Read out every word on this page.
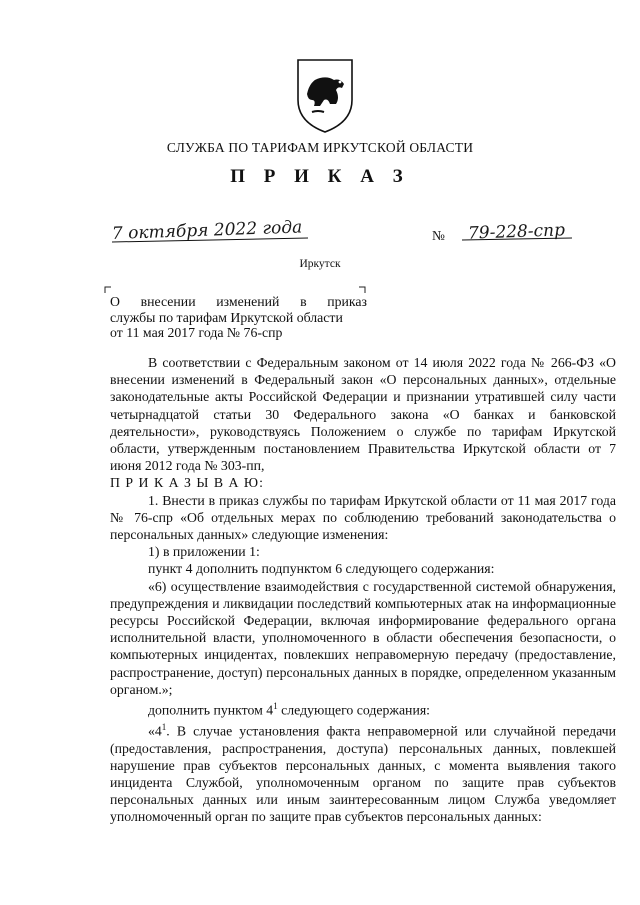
СЛУЖБА ПО ТАРИФАМ ИРКУТСКОЙ ОБЛАСТИ
П Р И К А З
7 октября 2022 года	№ 79-228-спр
Иркутск
О внесении изменений в приказ
службы по тарифам Иркутской области
от 11 мая 2017 года № 76-спр

В соответствии с Федеральным законом от 14 июля 2022 года № 266-ФЗ «О внесении изменений в Федеральный закон «О персональных данных», отдельные законодательные акты Российской Федерации и признании утратившей силу части четырнадцатой статьи 30 Федерального закона «О банках и банковской деятельности», руководствуясь Положением о службе по тарифам Иркутской области, утвержденным постановлением Правительства Иркутской области от 7 июня 2012 года № 303-пп,

П Р И К А З Ы В А Ю:

1. Внести в приказ службы по тарифам Иркутской области от 11 мая 2017 года № 76-спр «Об отдельных мерах по соблюдению требований законодательства о персональных данных» следующие изменения:

1) в приложении 1:

пункт 4 дополнить подпунктом 6 следующего содержания:

«6) осуществление взаимодействия с государственной системой обнаружения, предупреждения и ликвидации последствий компьютерных атак на информационные ресурсы Российской Федерации, включая информирование федерального органа исполнительной власти, уполномоченного в области обеспечения безопасности, о компьютерных инцидентах, повлекших неправомерную передачу (предоставление, распространение, доступ) персональных данных в порядке, определенном указанным органом.»;

дополнить пунктом $4^1$ следующего содержания:

«$4^1$. В случае установления факта неправомерной или случайной передачи (предоставления, распространения, доступа) персональных данных, повлекшей нарушение прав субъектов персональных данных, с момента выявления такого инцидента Службой, уполномоченным органом по защите прав субъектов персональных данных или иным заинтересованным лицом Служба уведомляет уполномоченный орган по защите прав субъектов персональных данных:
